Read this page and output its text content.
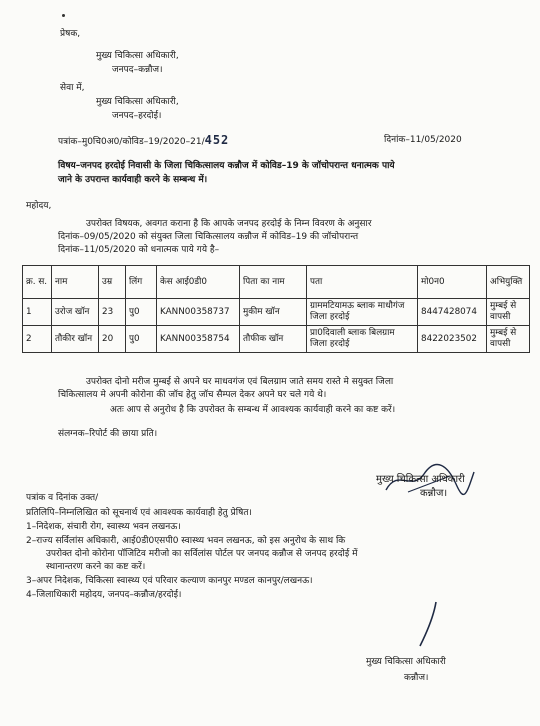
प्रेषक,
मुख्य चिकित्सा अधिकारी,
जनपद–कन्नौज।
सेवा में,
मुख्य चिकित्सा अधिकारी,
जनपद–हरदोई।
पत्रांक–मु0चि0अ0/कोविड–19/2020–21/452	दिनांक–11/05/2020
विषय–जनपद हरदोई निवासी के जिला चिकित्सालय कन्नौज में कोविड–19 के जॉचोपरान्त धनात्मक पाये
जाने के उपरान्त कार्यवाही करने के सम्बन्ध में।
महोदय,
उपरोक्त विषयक, अवगत कराना है कि आपके जनपद हरदोई के निम्न विवरण के अनुसार
दिनांक–09/05/2020 को संयुक्त जिला चिकित्सालय कन्नौज में कोविड–19 की जॉचोपरान्त
दिनांक–11/05/2020 को धनात्मक पाये गये है–
क्र. स.	नाम	उम्र	लिंग	केस आई0डी0	पिता का नाम	पता	मो0न0	अभियुक्ति
1	उरोज खॉन	23	पु0	KANN00358737	मुकीम खॉन	ग्राममटियामऊ ब्लाक माधौगंज जिला हरदोई	8447428074	मुम्बई से वापसी
2	तौकीर खॉन	20	पु0	KANN00358754	तौफीक खॉन	प्रा0दिवाली ब्लाक बिलग्राम जिला हरदोई	8422023502	मुम्बई से वापसी
उपरोक्त दोनो मरीज मुम्बई से अपने घर माधवगंज एवं बिलग्राम जाते समय रास्ते मे सयुक्त जिला
चिकित्सालय मे अपनी कोरोना की जॉच हेतु जॉच सैम्पल देकर अपने घर चले गये थे।
अतः आप से अनुरोध है कि उपरोक्त के सम्बन्ध में आवश्यक कार्यवाही करने का कष्ट करें।
संलग्नक–रिपोर्ट की छाया प्रति।
मुख्य चिकित्सा अधिकारी
कन्नौज।
पत्रांक व दिनांक उक्त/
प्रतिलिपि–निम्नलिखित को सूचनार्थ एवं आवश्यक कार्यवाही हेतु प्रेषित।
1–निदेशक, संचारी रोग, स्वास्थ्य भवन लखनऊ।
2–राज्य सर्विलांस अधिकारी, आई0डी0एसपी0 स्वास्थ्य भवन लखनऊ, को इस अनुरोध के साथ कि
उपरोक्त दोनो कोरोना पॉजिटिव मरीजो का सर्विलांस पोर्टल पर जनपद कन्नौज से जनपद हरदोई में
स्थानान्तरण करने का कष्ट करें।
3–अपर निदेशक, चिकित्सा स्वास्थ्य एवं परिवार कल्याण कानपुर मण्डल कानपुर/लखनऊ।
4–जिलाधिकारी महोदय, जनपद–कन्नौज/हरदोई।
मुख्य चिकित्सा अधिकारी
कन्नौज।
